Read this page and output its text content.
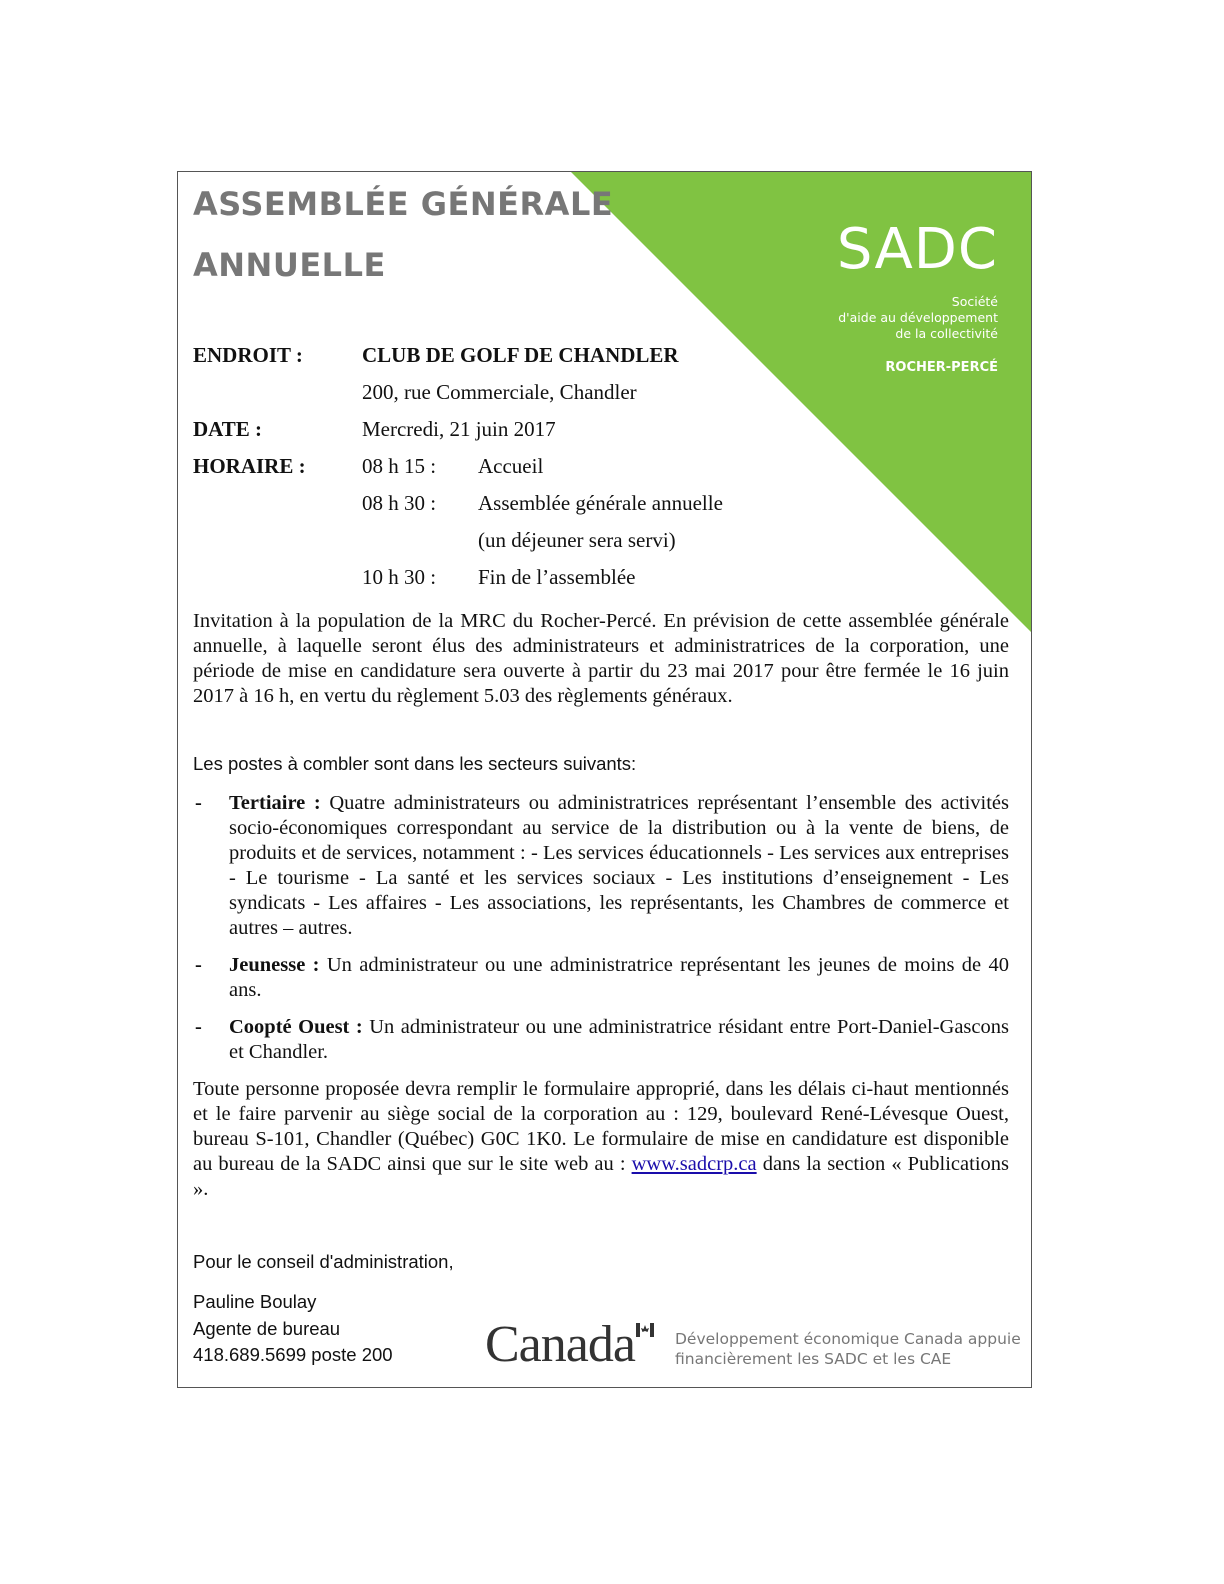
ASSEMBLÉE GÉNÉRALE
ANNUELLE	SADC
Société
d'aide au développement
de la collectivité
ROCHER-PERCÉ
ENDROIT :	CLUB DE GOLF DE CHANDLER
200, rue Commerciale, Chandler
DATE :	Mercredi, 21 juin 2017
HORAIRE :	08 h 15 : Accueil
08 h 30 : Assemblée générale annuelle
(un déjeuner sera servi)
10 h 30 : Fin de l’assemblée

Invitation à la population de la MRC du Rocher-Percé. En prévision de cette assemblée générale annuelle, à laquelle seront élus des administrateurs et administratrices de la corporation, une période de mise en candidature sera ouverte à partir du 23 mai 2017 pour être fermée le 16 juin 2017 à 16 h, en vertu du règlement 5.03 des règlements généraux.

Les postes à combler sont dans les secteurs suivants:

- Tertiaire : Quatre administrateurs ou administratrices représentant l’ensemble des activités socio-économiques correspondant au service de la distribution ou à la vente de biens, de produits et de services, notamment : - Les services éducationnels - Les services aux entreprises - Le tourisme - La santé et les services sociaux - Les institutions d’enseignement - Les syndicats - Les affaires - Les associations, les représentants, les Chambres de commerce et autres – autres.
- Jeunesse : Un administrateur ou une administratrice représentant les jeunes de moins de 40 ans.
- Coopté Ouest : Un administrateur ou une administratrice résidant entre Port-Daniel-Gascons et Chandler.

Toute personne proposée devra remplir le formulaire approprié, dans les délais ci-haut mentionnés et le faire parvenir au siège social de la corporation au : 129, boulevard René-Lévesque Ouest, bureau S-101, Chandler (Québec) G0C 1K0. Le formulaire de mise en candidature est disponible au bureau de la SADC ainsi que sur le site web au : www.sadcrp.ca dans la section « Publications ».

Pour le conseil d'administration,
Pauline Boulay
Agente de bureau
418.689.5699 poste 200 Canada	Développement économique Canada appuie
financièrement les SADC et les CAE
